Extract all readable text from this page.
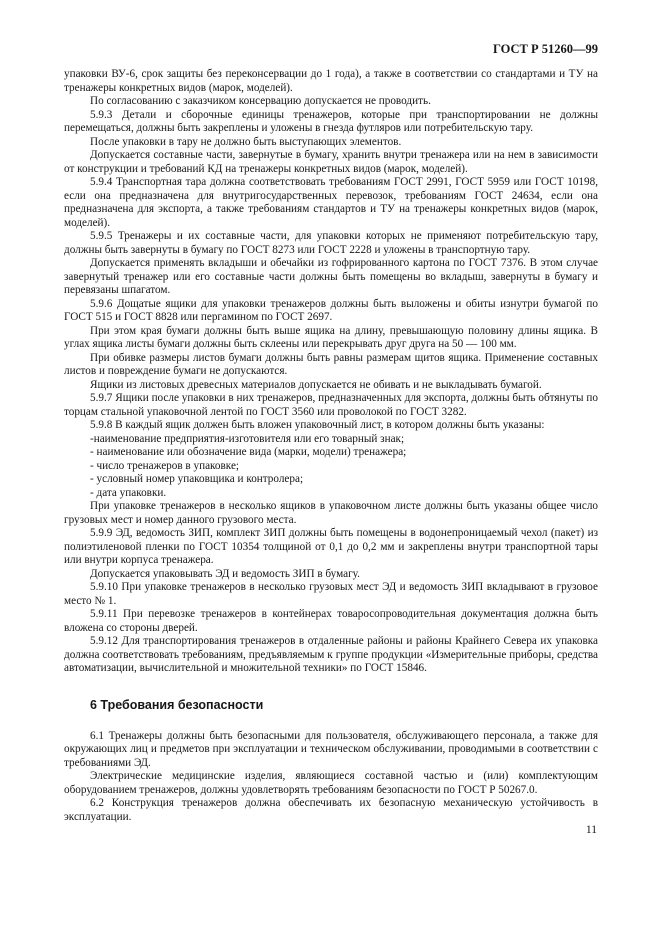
ГОСТ Р 51260—99

упаковки ВУ-6, срок защиты без переконсервации до 1 года), а также в соответствии со стандартами и ТУ на тренажеры конкретных видов (марок, моделей).

По согласованию с заказчиком консервацию допускается не проводить.

5.9.3 Детали и сборочные единицы тренажеров, которые при транспортировании не должны перемещаться, должны быть закреплены и уложены в гнезда футляров или потребительскую тару.

После упаковки в тару не должно быть выступающих элементов.

Допускается составные части, завернутые в бумагу, хранить внутри тренажера или на нем в зависимости от конструкции и требований КД на тренажеры конкретных видов (марок, моделей).

5.9.4 Транспортная тара должна соответствовать требованиям ГОСТ 2991, ГОСТ 5959 или ГОСТ 10198, если она предназначена для внутригосударственных перевозок, требованиям ГОСТ 24634, если она предназначена для экспорта, а также требованиям стандартов и ТУ на тренажеры конкретных видов (марок, моделей).

5.9.5 Тренажеры и их составные части, для упаковки которых не применяют потребительскую тару, должны быть завернуты в бумагу по ГОСТ 8273 или ГОСТ 2228 и уложены в транспортную тару.

Допускается применять вкладыши и обечайки из гофрированного картона по ГОСТ 7376. В этом случае завернутый тренажер или его составные части должны быть помещены во вкладыш, завернуты в бумагу и перевязаны шпагатом.

5.9.6 Дощатые ящики для упаковки тренажеров должны быть выложены и обиты изнутри бумагой по ГОСТ 515 и ГОСТ 8828 или пергамином по ГОСТ 2697.

При этом края бумаги должны быть выше ящика на длину, превышающую половину длины ящика. В углах ящика листы бумаги должны быть склеены или перекрывать друг друга на 50 — 100 мм.

При обивке размеры листов бумаги должны быть равны размерам щитов ящика. Применение составных листов и повреждение бумаги не допускаются.

Ящики из листовых древесных материалов допускается не обивать и не выкладывать бумагой.

5.9.7 Ящики после упаковки в них тренажеров, предназначенных для экспорта, должны быть обтянуты по торцам стальной упаковочной лентой по ГОСТ 3560 или проволокой по ГОСТ 3282.

5.9.8 В каждый ящик должен быть вложен упаковочный лист, в котором должны быть указаны:

-наименование предприятия-изготовителя или его товарный знак;

- наименование или обозначение вида (марки, модели) тренажера;

- число тренажеров в упаковке;

- условный номер упаковщика и контролера;

- дата упаковки.

При упаковке тренажеров в несколько ящиков в упаковочном листе должны быть указаны общее число грузовых мест и номер данного грузового места.

5.9.9 ЭД, ведомость ЗИП, комплект ЗИП должны быть помещены в водонепроницаемый чехол (пакет) из полиэтиленовой пленки по ГОСТ 10354 толщиной от 0,1 до 0,2 мм и закреплены внутри транспортной тары или внутри корпуса тренажера.

Допускается упаковывать ЭД и ведомость ЗИП в бумагу.

5.9.10 При упаковке тренажеров в несколько грузовых мест ЭД и ведомость ЗИП вкладывают в грузовое место № 1.

5.9.11 При перевозке тренажеров в контейнерах товаросопроводительная документация должна быть вложена со стороны дверей.

5.9.12 Для транспортирования тренажеров в отдаленные районы и районы Крайнего Севера их упаковка должна соответствовать требованиям, предъявляемым к группе продукции «Измерительные приборы, средства автоматизации, вычислительной и множительной техники» по ГОСТ 15846.

6 Требования безопасности

6.1 Тренажеры должны быть безопасными для пользователя, обслуживающего персонала, а также для окружающих лиц и предметов при эксплуатации и техническом обслуживании, проводимыми в соответствии с требованиями ЭД.

Электрические медицинские изделия, являющиеся составной частью и (или) комплектующим оборудованием тренажеров, должны удовлетворять требованиям безопасности по ГОСТ Р 50267.0.

6.2 Конструкция тренажеров должна обеспечивать их безопасную механическую устойчивость в эксплуатации.

11
